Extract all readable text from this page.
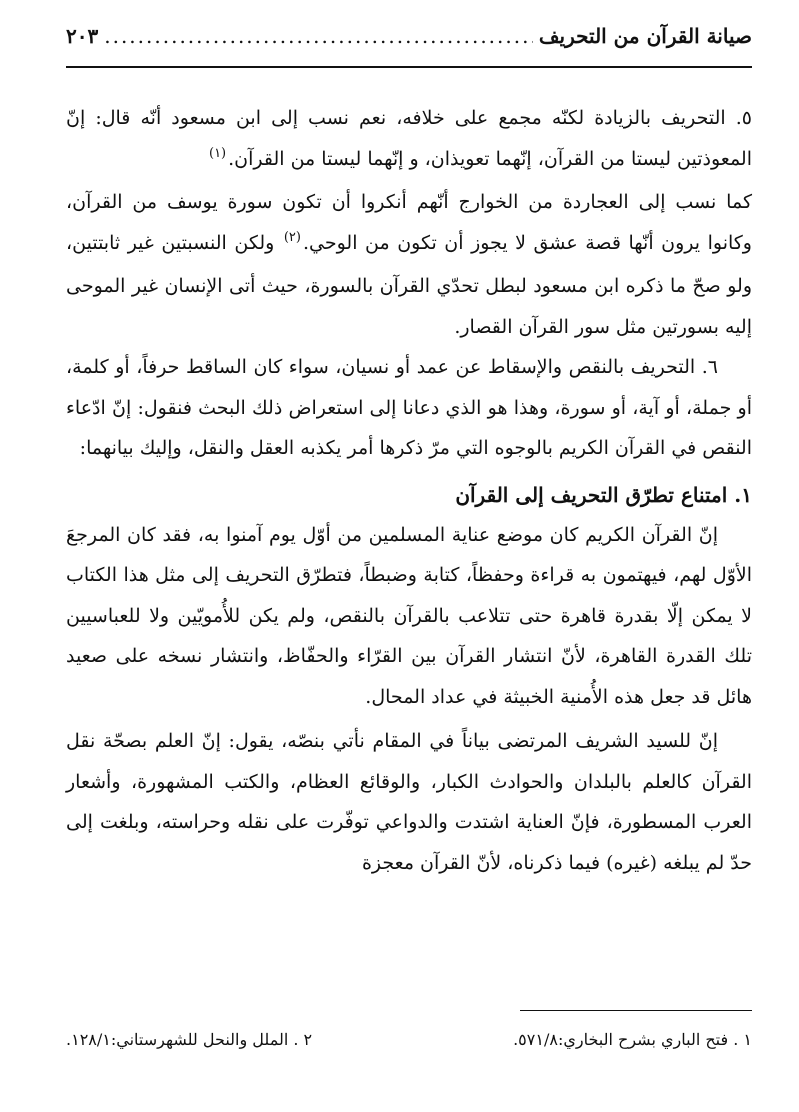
صيانة القرآن من التحريف
.....
٢٠٣

٥. التحريف بالزيادة لكنّه مجمع على خلافه، نعم نسب إلى ابن مسعود أنّه قال: إنّ المعوذتين ليستا من القرآن، إنّهما تعويذان، و إنّهما ليستا من القرآن.$^{(١)}$

كما نسب إلى العجاردة من الخوارج أنّهم أنكروا أن تكون سورة يوسف من القرآن، وكانوا يرون أنّها قصة عشق لا يجوز أن تكون من الوحي.$^{(٢)}$ ولكن النسبتين غير ثابتتين، ولو صحّ ما ذكره ابن مسعود لبطل تحدّي القرآن بالسورة، حيث أتى الإنسان غير الموحى إليه بسورتين مثل سور القرآن القصار.

٦. التحريف بالنقص والإسقاط عن عمد أو نسيان، سواء كان الساقط حرفاً، أو كلمة، أو جملة، أو آية، أو سورة، وهذا هو الذي دعانا إلى استعراض ذلك البحث فنقول: إنّ ادّعاء النقص في القرآن الكريم بالوجوه التي مرّ ذكرها أمر يكذبه العقل والنقل، وإليك بيانهما:

١. امتناع تطرّق التحريف إلى القرآن

إنّ القرآن الكريم كان موضع عناية المسلمين من أوّل يوم آمنوا به، فقد كان المرجعَ الأوّل لهم، فيهتمون به قراءة وحفظاً، كتابة وضبطاً، فتطرّق التحريف إلى مثل هذا الكتاب لا يمكن إلّا بقدرة قاهرة حتى تتلاعب بالقرآن بالنقص، ولم يكن للأُمويّين ولا للعباسيين تلك القدرة القاهرة، لأنّ انتشار القرآن بين القرّاء والحفّاظ، وانتشار نسخه على صعيد هائل قد جعل هذه الأُمنية الخبيثة في عداد المحال.

إنّ للسيد الشريف المرتضى بياناً في المقام نأتي بنصّه، يقول: إنّ العلم بصحّة نقل القرآن كالعلم بالبلدان والحوادث الكبار، والوقائع العظام، والكتب المشهورة، وأشعار العرب المسطورة، فإنّ العناية اشتدت والدواعي توفّرت على نقله وحراسته، وبلغت إلى حدّ لم يبلغه (غيره) فيما ذكرناه، لأنّ القرآن معجزة

١ . فتح الباري بشرح البخاري:٥٧١/٨.
٢ . الملل والنحل للشهرستاني:١٢٨/١.
